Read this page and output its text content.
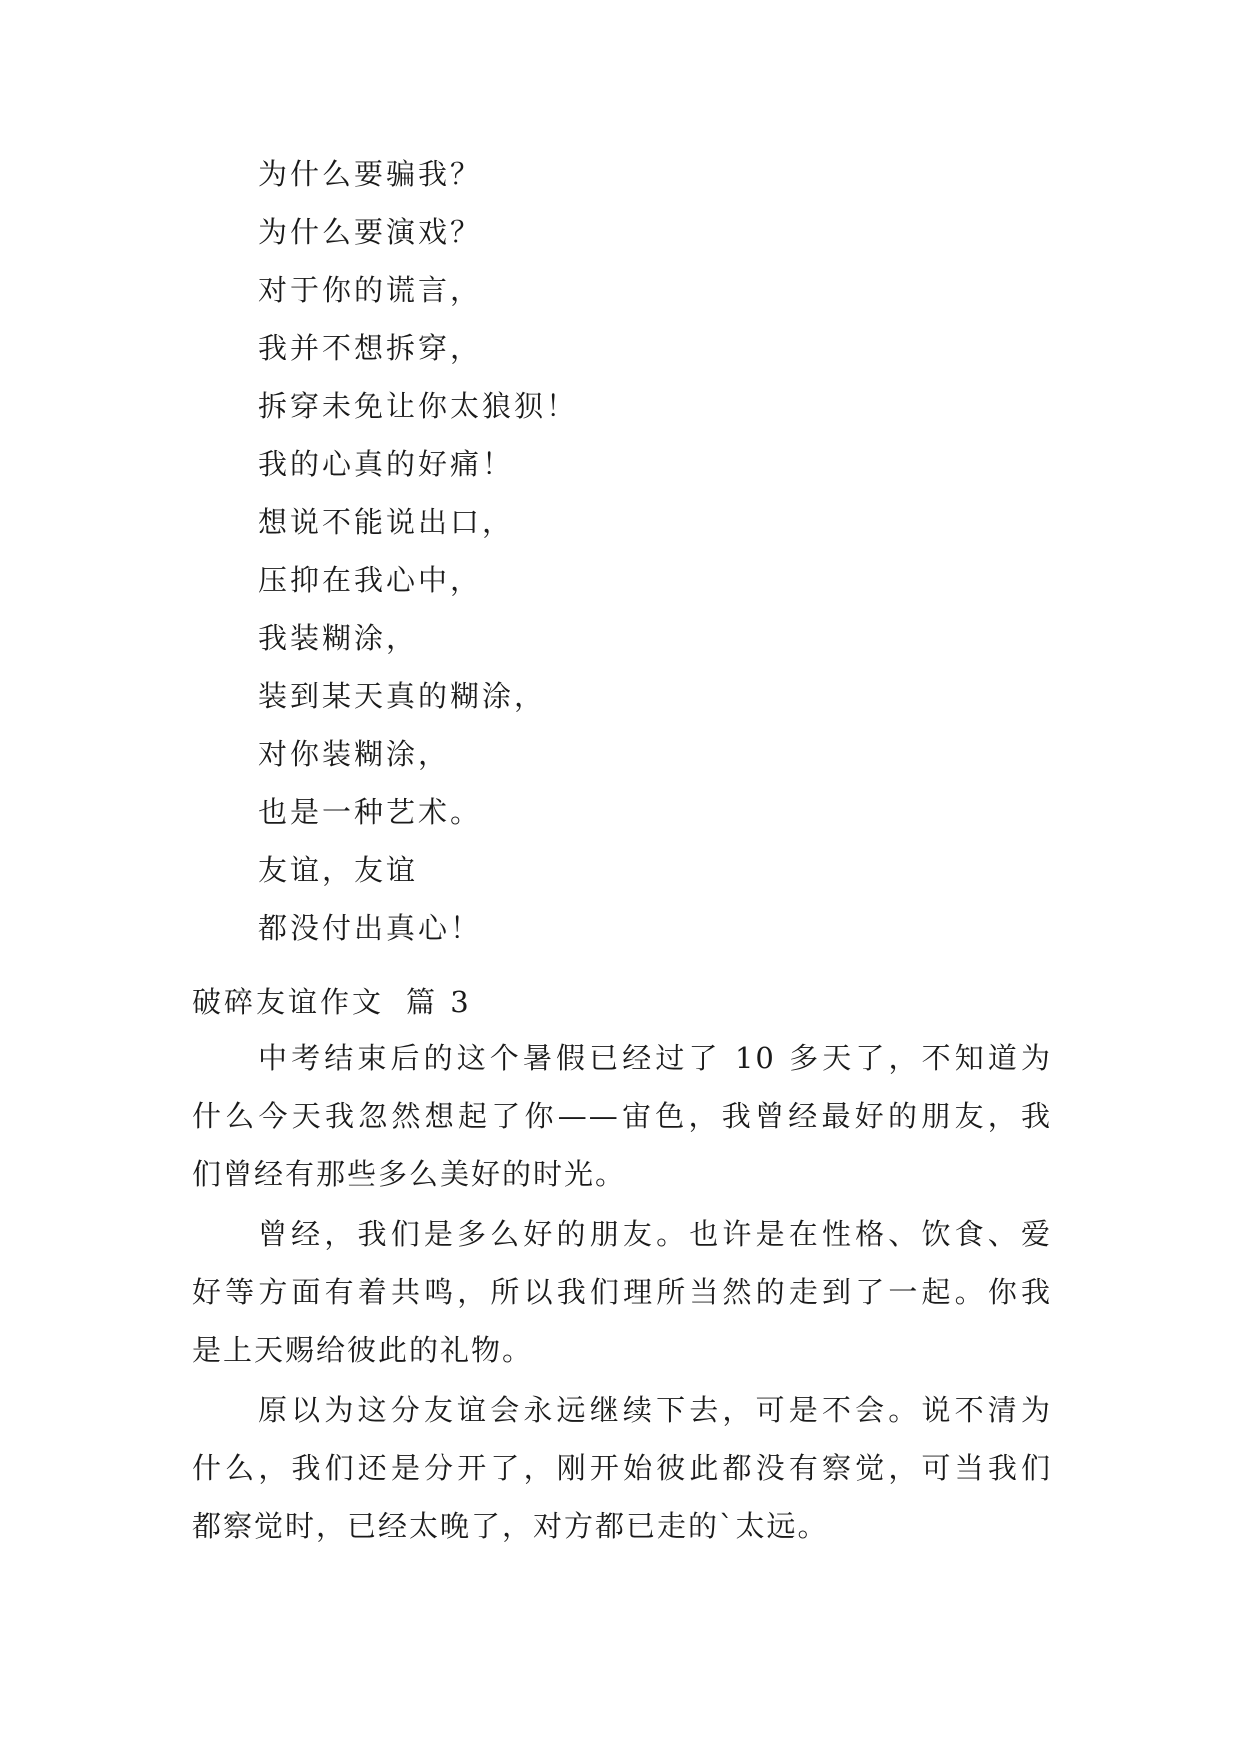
为什么要骗我？
为什么要演戏？
对于你的谎言，
我并不想拆穿，
拆穿未免让你太狼狈！
我的心真的好痛！
想说不能说出口，
压抑在我心中，
我装糊涂，
装到某天真的糊涂，
对你装糊涂，
也是一种艺术。
友谊，友谊
都没付出真心！
破碎友谊作文 篇 3
中考结束后的这个暑假已经过了 10 多天了，不知道为
什么今天我忽然想起了你——宙色，我曾经最好的朋友，我
们曾经有那些多么美好的时光。
曾经，我们是多么好的朋友。也许是在性格、饮食、爱
好等方面有着共鸣，所以我们理所当然的走到了一起。你我
是上天赐给彼此的礼物。
原以为这分友谊会永远继续下去，可是不会。说不清为
什么，我们还是分开了，刚开始彼此都没有察觉，可当我们
都察觉时，已经太晚了，对方都已走的`太远。
